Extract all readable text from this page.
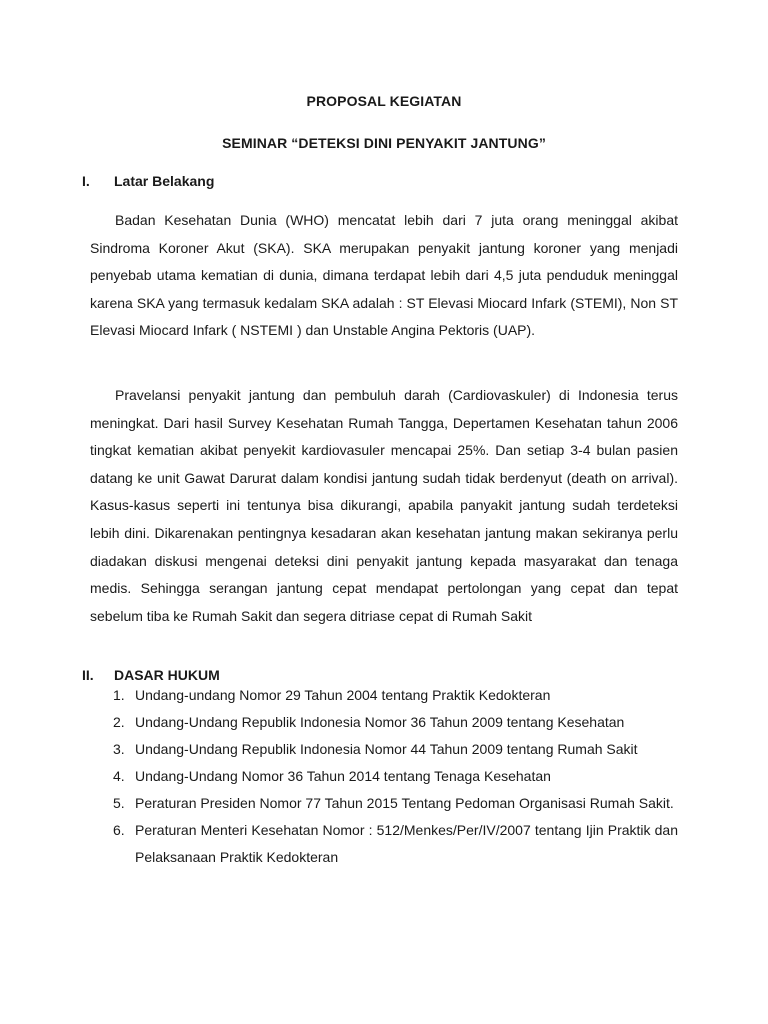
PROPOSAL KEGIATAN
SEMINAR “DETEKSI DINI PENYAKIT JANTUNG”
I. Latar Belakang

Badan Kesehatan Dunia (WHO) mencatat lebih dari 7 juta orang meninggal akibat Sindroma Koroner Akut (SKA). SKA merupakan penyakit jantung koroner yang menjadi penyebab utama kematian di dunia, dimana terdapat lebih dari 4,5 juta penduduk meninggal karena SKA yang termasuk kedalam SKA adalah : ST Elevasi Miocard Infark (STEMI), Non ST Elevasi Miocard Infark ( NSTEMI ) dan Unstable Angina Pektoris (UAP).

Pravelansi penyakit jantung dan pembuluh darah (Cardiovaskuler) di Indonesia terus meningkat. Dari hasil Survey Kesehatan Rumah Tangga, Depertamen Kesehatan tahun 2006 tingkat kematian akibat penyekit kardiovasuler mencapai 25%. Dan setiap 3-4 bulan pasien datang ke unit Gawat Darurat dalam kondisi jantung sudah tidak berdenyut (death on arrival). Kasus-kasus seperti ini tentunya bisa dikurangi, apabila panyakit jantung sudah terdeteksi lebih dini. Dikarenakan pentingnya kesadaran akan kesehatan jantung makan sekiranya perlu diadakan diskusi mengenai deteksi dini penyakit jantung kepada masyarakat dan tenaga medis. Sehingga serangan jantung cepat mendapat pertolongan yang cepat dan tepat sebelum tiba ke Rumah Sakit dan segera ditriase cepat di Rumah Sakit

II. DASAR HUKUM
1. Undang-undang Nomor 29 Tahun 2004 tentang Praktik Kedokteran
2. Undang-Undang Republik Indonesia Nomor 36 Tahun 2009 tentang Kesehatan
3. Undang-Undang Republik Indonesia Nomor 44 Tahun 2009 tentang Rumah Sakit
4. Undang-Undang Nomor 36 Tahun 2014 tentang Tenaga Kesehatan
5. Peraturan Presiden Nomor 77 Tahun 2015 Tentang Pedoman Organisasi Rumah Sakit.
6. Peraturan Menteri Kesehatan Nomor : 512/Menkes/Per/IV/2007 tentang Ijin Praktik dan Pelaksanaan Praktik Kedokteran
